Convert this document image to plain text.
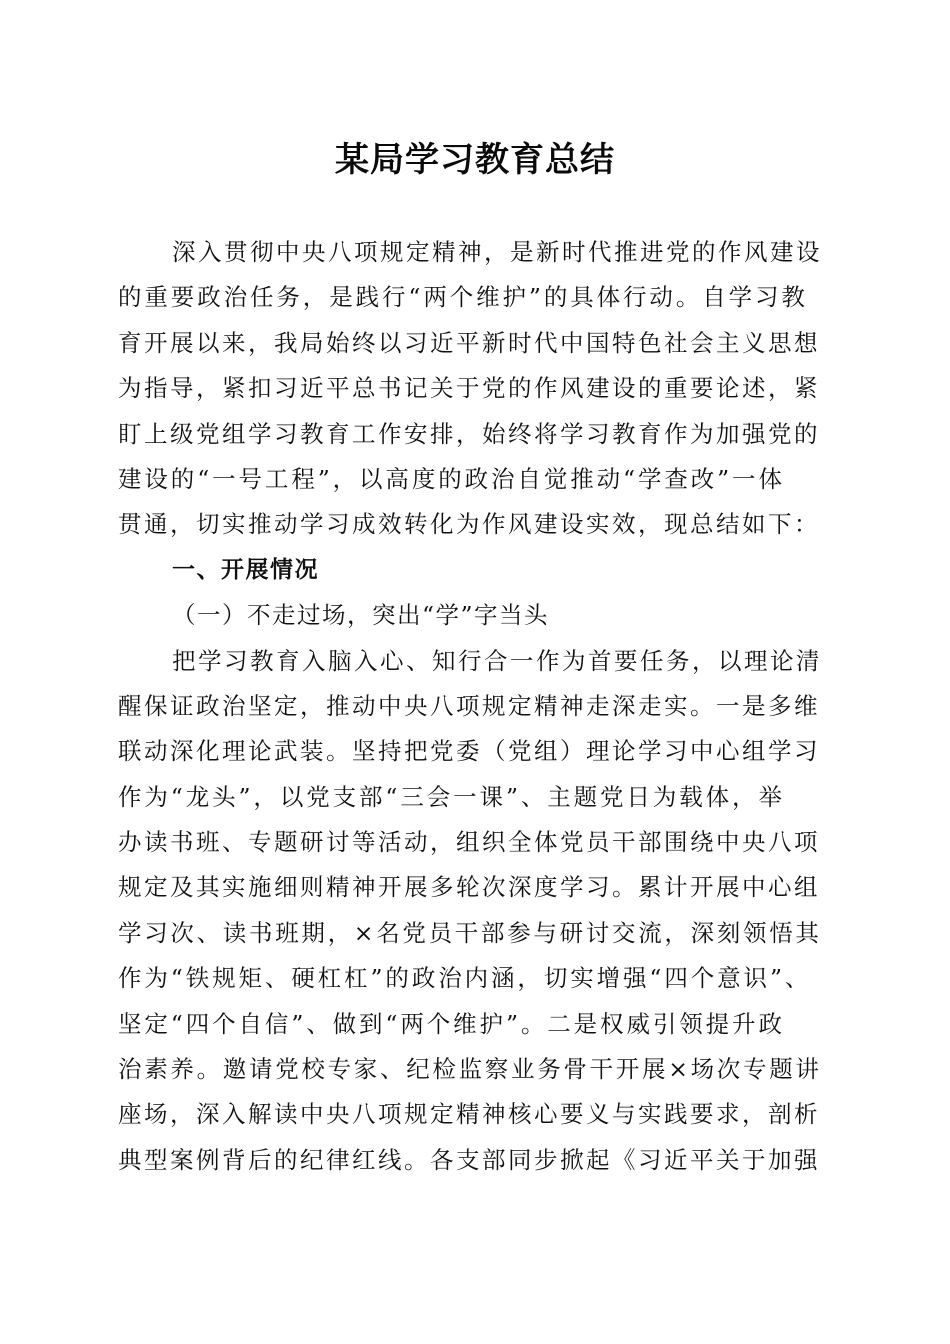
某局学习教育总结
深入贯彻中央八项规定精神，是新时代推进党的作风建设
的重要政治任务，是践行“两个维护”的具体行动。自学习教
育开展以来，我局始终以习近平新时代中国特色社会主义思想
为指导，紧扣习近平总书记关于党的作风建设的重要论述，紧
盯上级党组学习教育工作安排，始终将学习教育作为加强党的
建设的“一号工程”，以高度的政治自觉推动“学查改”一体
贯通，切实推动学习成效转化为作风建设实效，现总结如下：
一、开展情况
（一）不走过场，突出“学”字当头
把学习教育入脑入心、知行合一作为首要任务，以理论清
醒保证政治坚定，推动中央八项规定精神走深走实。一是多维
联动深化理论武装。坚持把党委（党组）理论学习中心组学习
作为“龙头”，以党支部“三会一课”、主题党日为载体，举
办读书班、专题研讨等活动，组织全体党员干部围绕中央八项
规定及其实施细则精神开展多轮次深度学习。累计开展中心组
学习次、读书班期，×名党员干部参与研讨交流，深刻领悟其
作为“铁规矩、硬杠杠”的政治内涵，切实增强“四个意识”、
坚定“四个自信”、做到“两个维护”。二是权威引领提升政
治素养。邀请党校专家、纪检监察业务骨干开展×场次专题讲
座场，深入解读中央八项规定精神核心要义与实践要求，剖析
典型案例背后的纪律红线。各支部同步掀起《习近平关于加强
